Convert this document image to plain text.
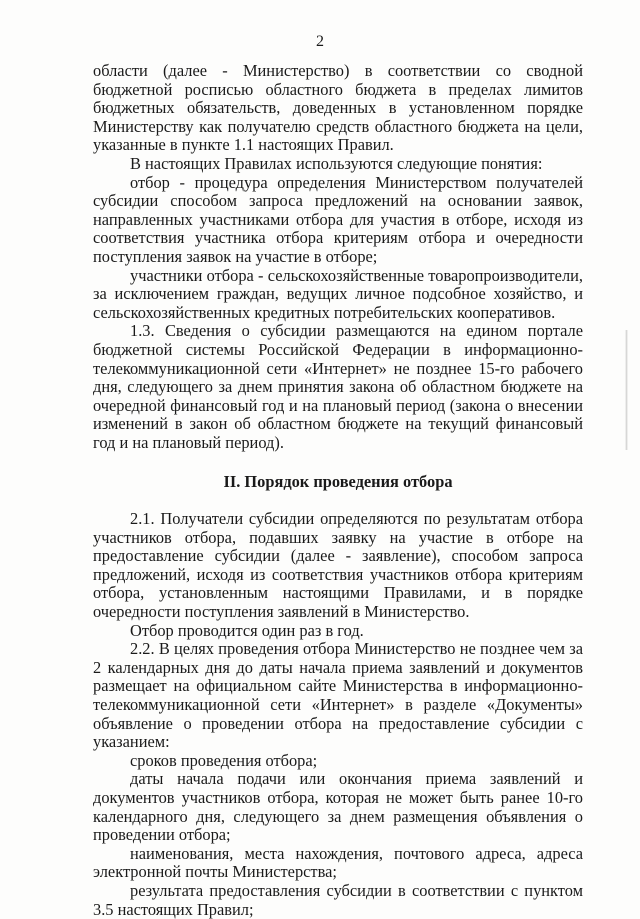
2

области (далее - Министерство) в соответствии со сводной бюджетной росписью областного бюджета в пределах лимитов бюджетных обязательств, доведенных в установленном порядке Министерству как получателю средств областного бюджета на цели, указанные в пункте 1.1 настоящих Правил.

В настоящих Правилах используются следующие понятия:

отбор - процедура определения Министерством получателей субсидии способом запроса предложений на основании заявок, направленных участниками отбора для участия в отборе, исходя из соответствия участника отбора критериям отбора и очередности поступления заявок на участие в отборе;

участники отбора - сельскохозяйственные товаропроизводители, за исключением граждан, ведущих личное подсобное хозяйство, и сельскохозяйственных кредитных потребительских кооперативов.

1.3. Сведения о субсидии размещаются на едином портале бюджетной системы Российской Федерации в информационно-телекоммуникационной сети «Интернет» не позднее 15-го рабочего дня, следующего за днем принятия закона об областном бюджете на очередной финансовый год и на плановый период (закона о внесении изменений в закон об областном бюджете на текущий финансовый год и на плановый период).

II. Порядок проведения отбора

2.1. Получатели субсидии определяются по результатам отбора участников отбора, подавших заявку на участие в отборе на предоставление субсидии (далее - заявление), способом запроса предложений, исходя из соответствия участников отбора критериям отбора, установленным настоящими Правилами, и в порядке очередности поступления заявлений в Министерство.

Отбор проводится один раз в год.

2.2. В целях проведения отбора Министерство не позднее чем за 2 календарных дня до даты начала приема заявлений и документов размещает на официальном сайте Министерства в информационно-телекоммуникационной сети «Интернет» в разделе «Документы» объявление о проведении отбора на предоставление субсидии с указанием:

сроков проведения отбора;

даты начала подачи или окончания приема заявлений и документов участников отбора, которая не может быть ранее 10-го календарного дня, следующего за днем размещения объявления о проведении отбора;

наименования, места нахождения, почтового адреса, адреса электронной почты Министерства;

результата предоставления субсидии в соответствии с пунктом 3.5 настоящих Правил;
